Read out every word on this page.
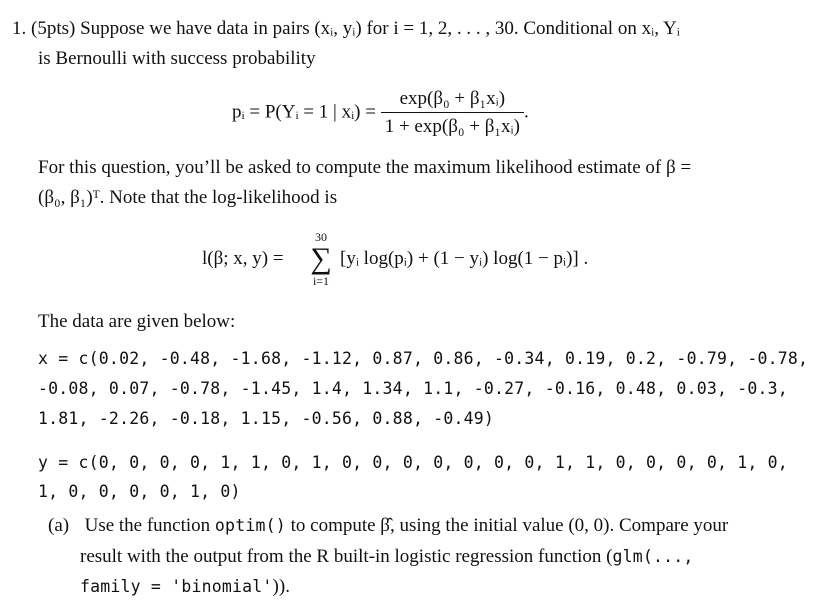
1. (5pts) Suppose we have data in pairs (xᵢ, yᵢ) for i = 1, 2, . . . , 30. Conditional on xᵢ, Yᵢ
is Bernoulli with success probability
pᵢ = P(Yᵢ = 1 | xᵢ) = $\frac{\text{exp(β₀ + β₁xᵢ)}}{\text{1 + exp(β₀ + β₁xᵢ)}}$ .
For this question, you’ll be asked to compute the maximum likelihood estimate of β =
(β₀, β₁)ᵀ. Note that the log-likelihood is
l(β; x, y) =
30
∑
i=1
[yᵢ log(pᵢ) + (1 − yᵢ) log(1 − pᵢ)] .
The data are given below:
x = c(0.02, -0.48, -1.68, -1.12, 0.87, 0.86, -0.34, 0.19, 0.2, -0.79, -0.78,
-0.08, 0.07, -0.78, -1.45, 1.4, 1.34, 1.1, -0.27, -0.16, 0.48, 0.03, -0.3,
1.81, -2.26, -0.18, 1.15, -0.56, 0.88, -0.49)
y = c(0, 0, 0, 0, 1, 1, 0, 1, 0, 0, 0, 0, 0, 0, 0, 1, 1, 0, 0, 0, 0, 1, 0,
1, 0, 0, 0, 0, 1, 0)
(a) Use the function optim() to compute β̂, using the initial value (0, 0). Compare your
result with the output from the R built-in logistic regression function (glm(...,
family = 'binomial')).
